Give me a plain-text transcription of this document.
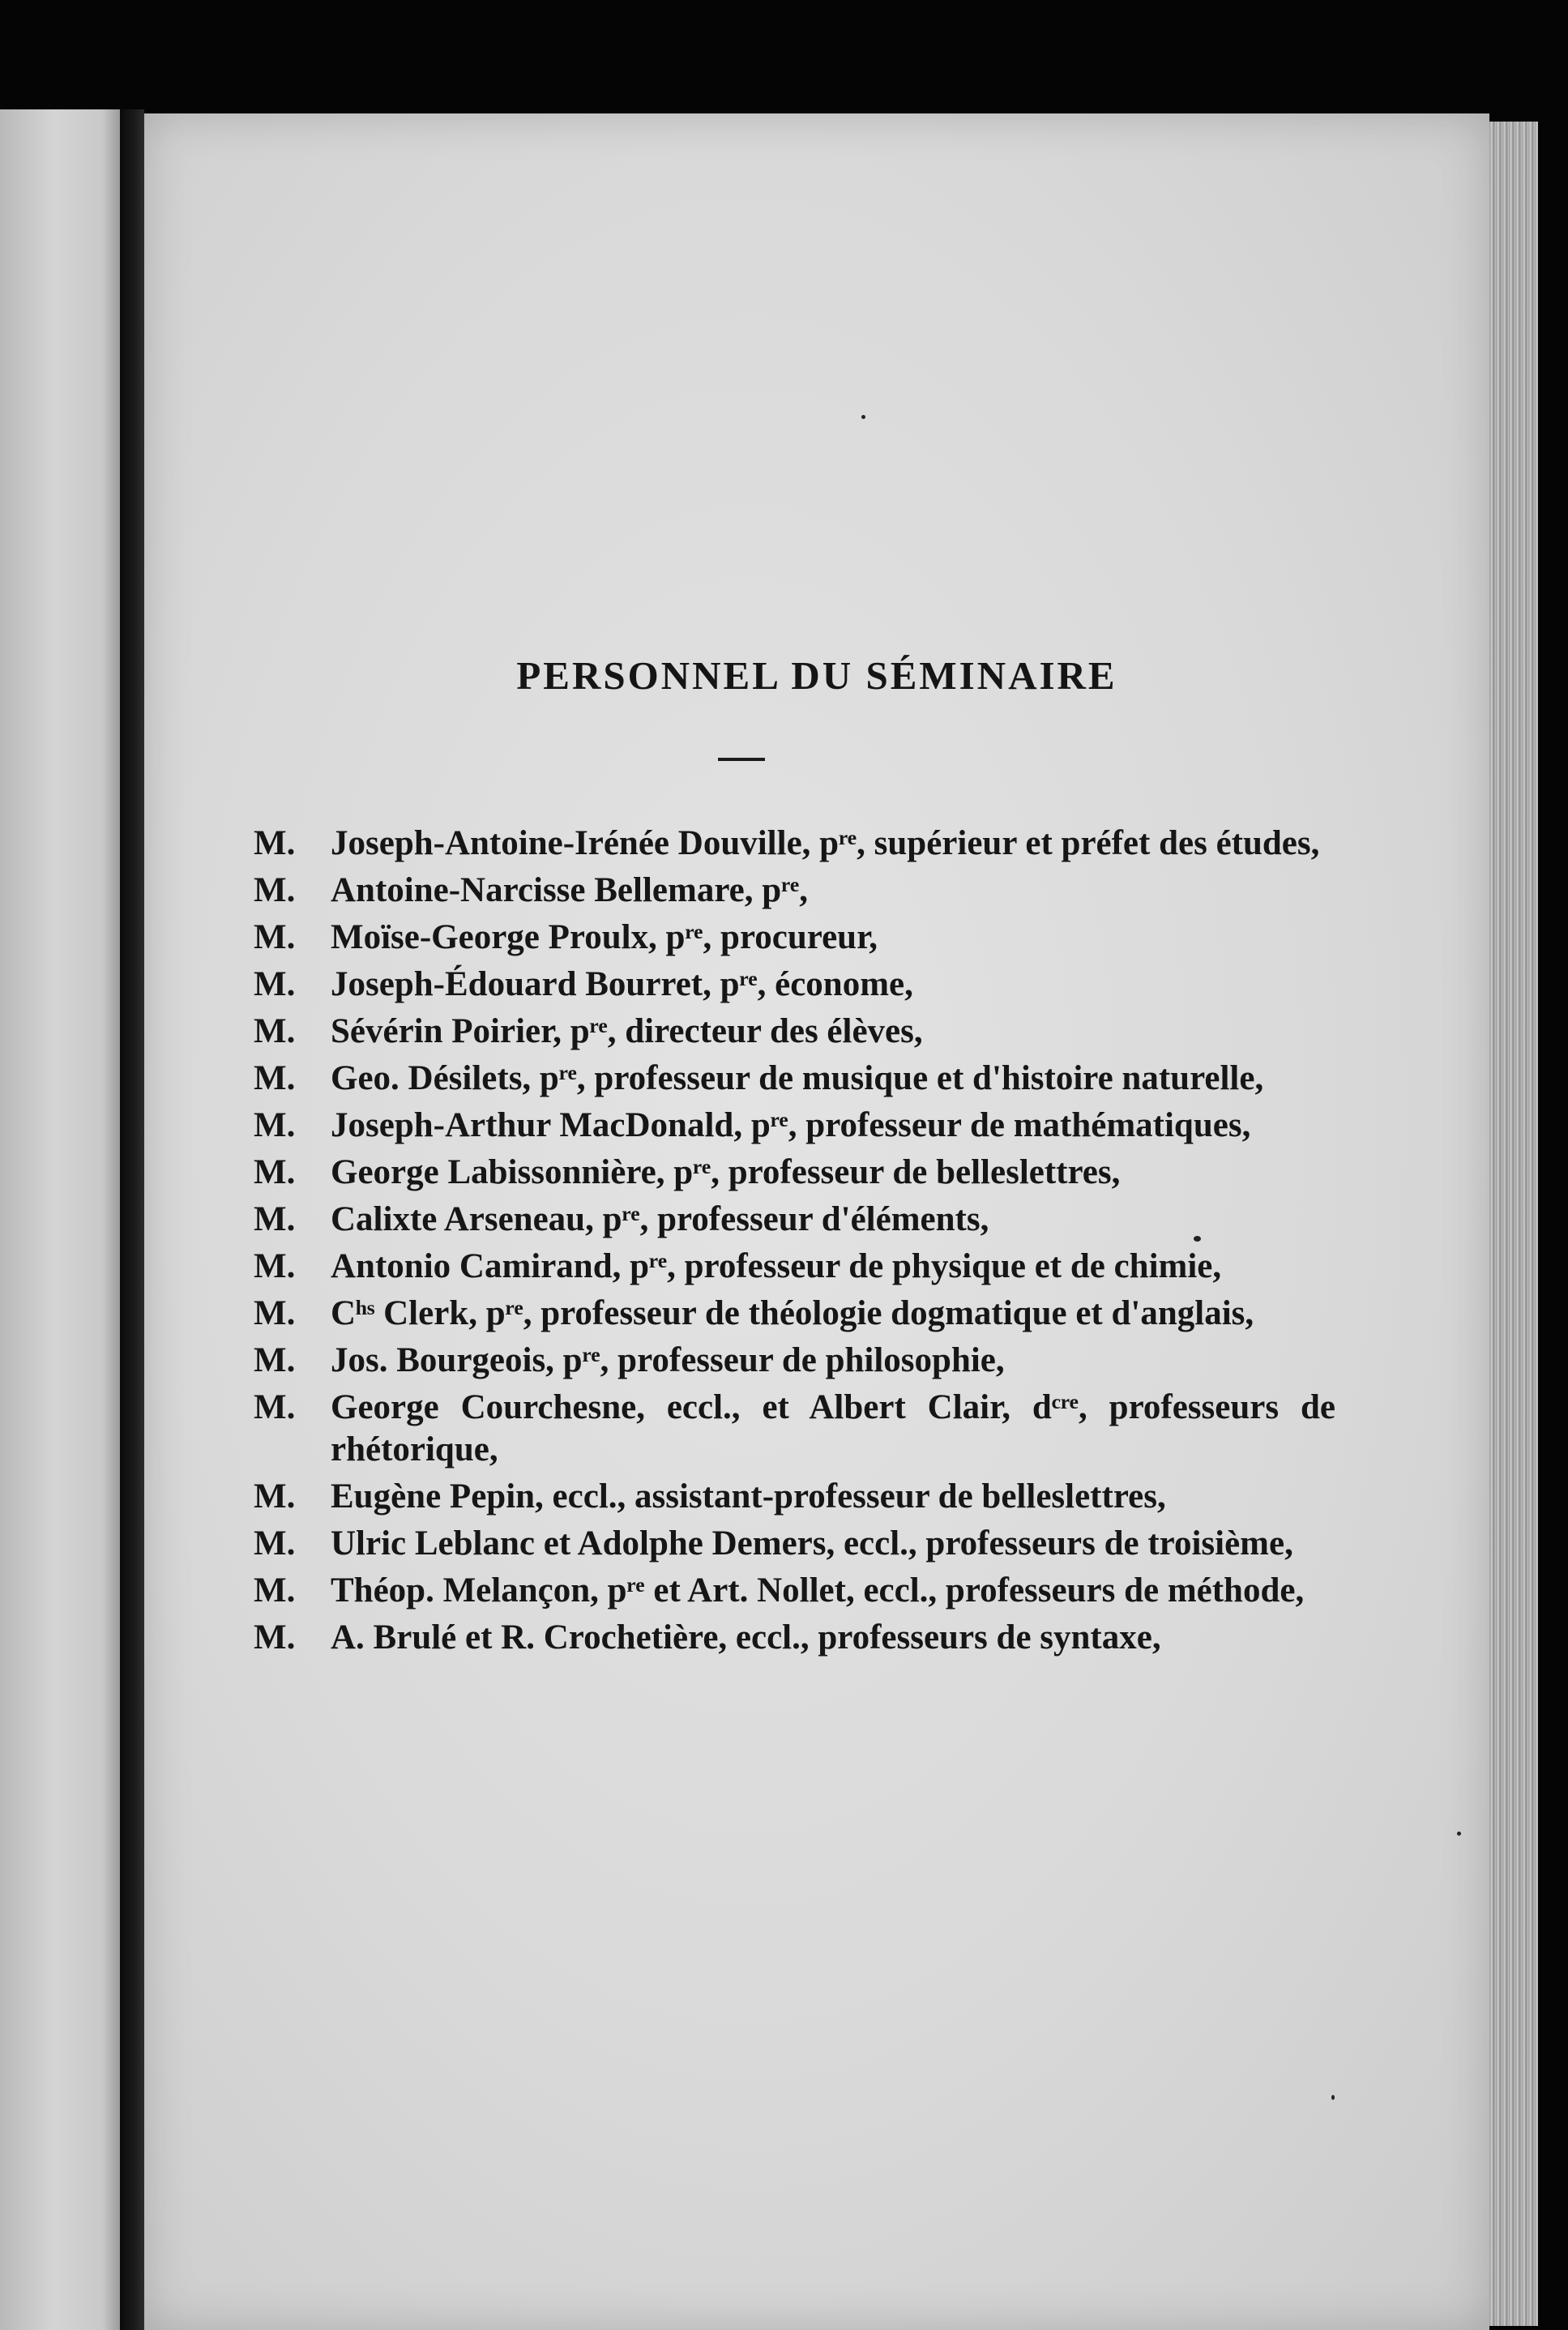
PERSONNEL DU SÉMINAIRE
M. Joseph-Antoine-Irénée Douville, pʳᵉ, supérieur et préfet des études,
M. Antoine-Narcisse Bellemare, pʳᵉ,
M. Moïse-George Proulx, pʳᵉ, procureur,
M. Joseph-Édouard Bourret, pʳᵉ, économe,
M. Sévérin Poirier, pʳᵉ, directeur des élèves,
M. Geo. Désilets, pʳᵉ, professeur de musique et d'histoire naturelle,
M. Joseph-Arthur MacDonald, pʳᵉ, professeur de mathématiques,
M. George Labissonnière, pʳᵉ, professeur de belleslettres,
M. Calixte Arseneau, pʳᵉ, professeur d'éléments,
M. Antonio Camirand, pʳᵉ, professeur de physique et de chimie,
M. Cʰˢ Clerk, pʳᵉ, professeur de théologie dogmatique et d'anglais,
M. Jos. Bourgeois, pʳᵉ, professeur de philosophie,
M. George Courchesne, eccl., et Albert Clair, dᶜʳᵉ, professeurs de rhétorique,
M. Eugène Pepin, eccl., assistant-professeur de belleslettres,
M. Ulric Leblanc et Adolphe Demers, eccl., professeurs de troisième,
M. Théop. Melançon, pʳᵉ et Art. Nollet, eccl., professeurs de méthode,
M. A. Brulé et R. Crochetière, eccl., professeurs de syntaxe,
